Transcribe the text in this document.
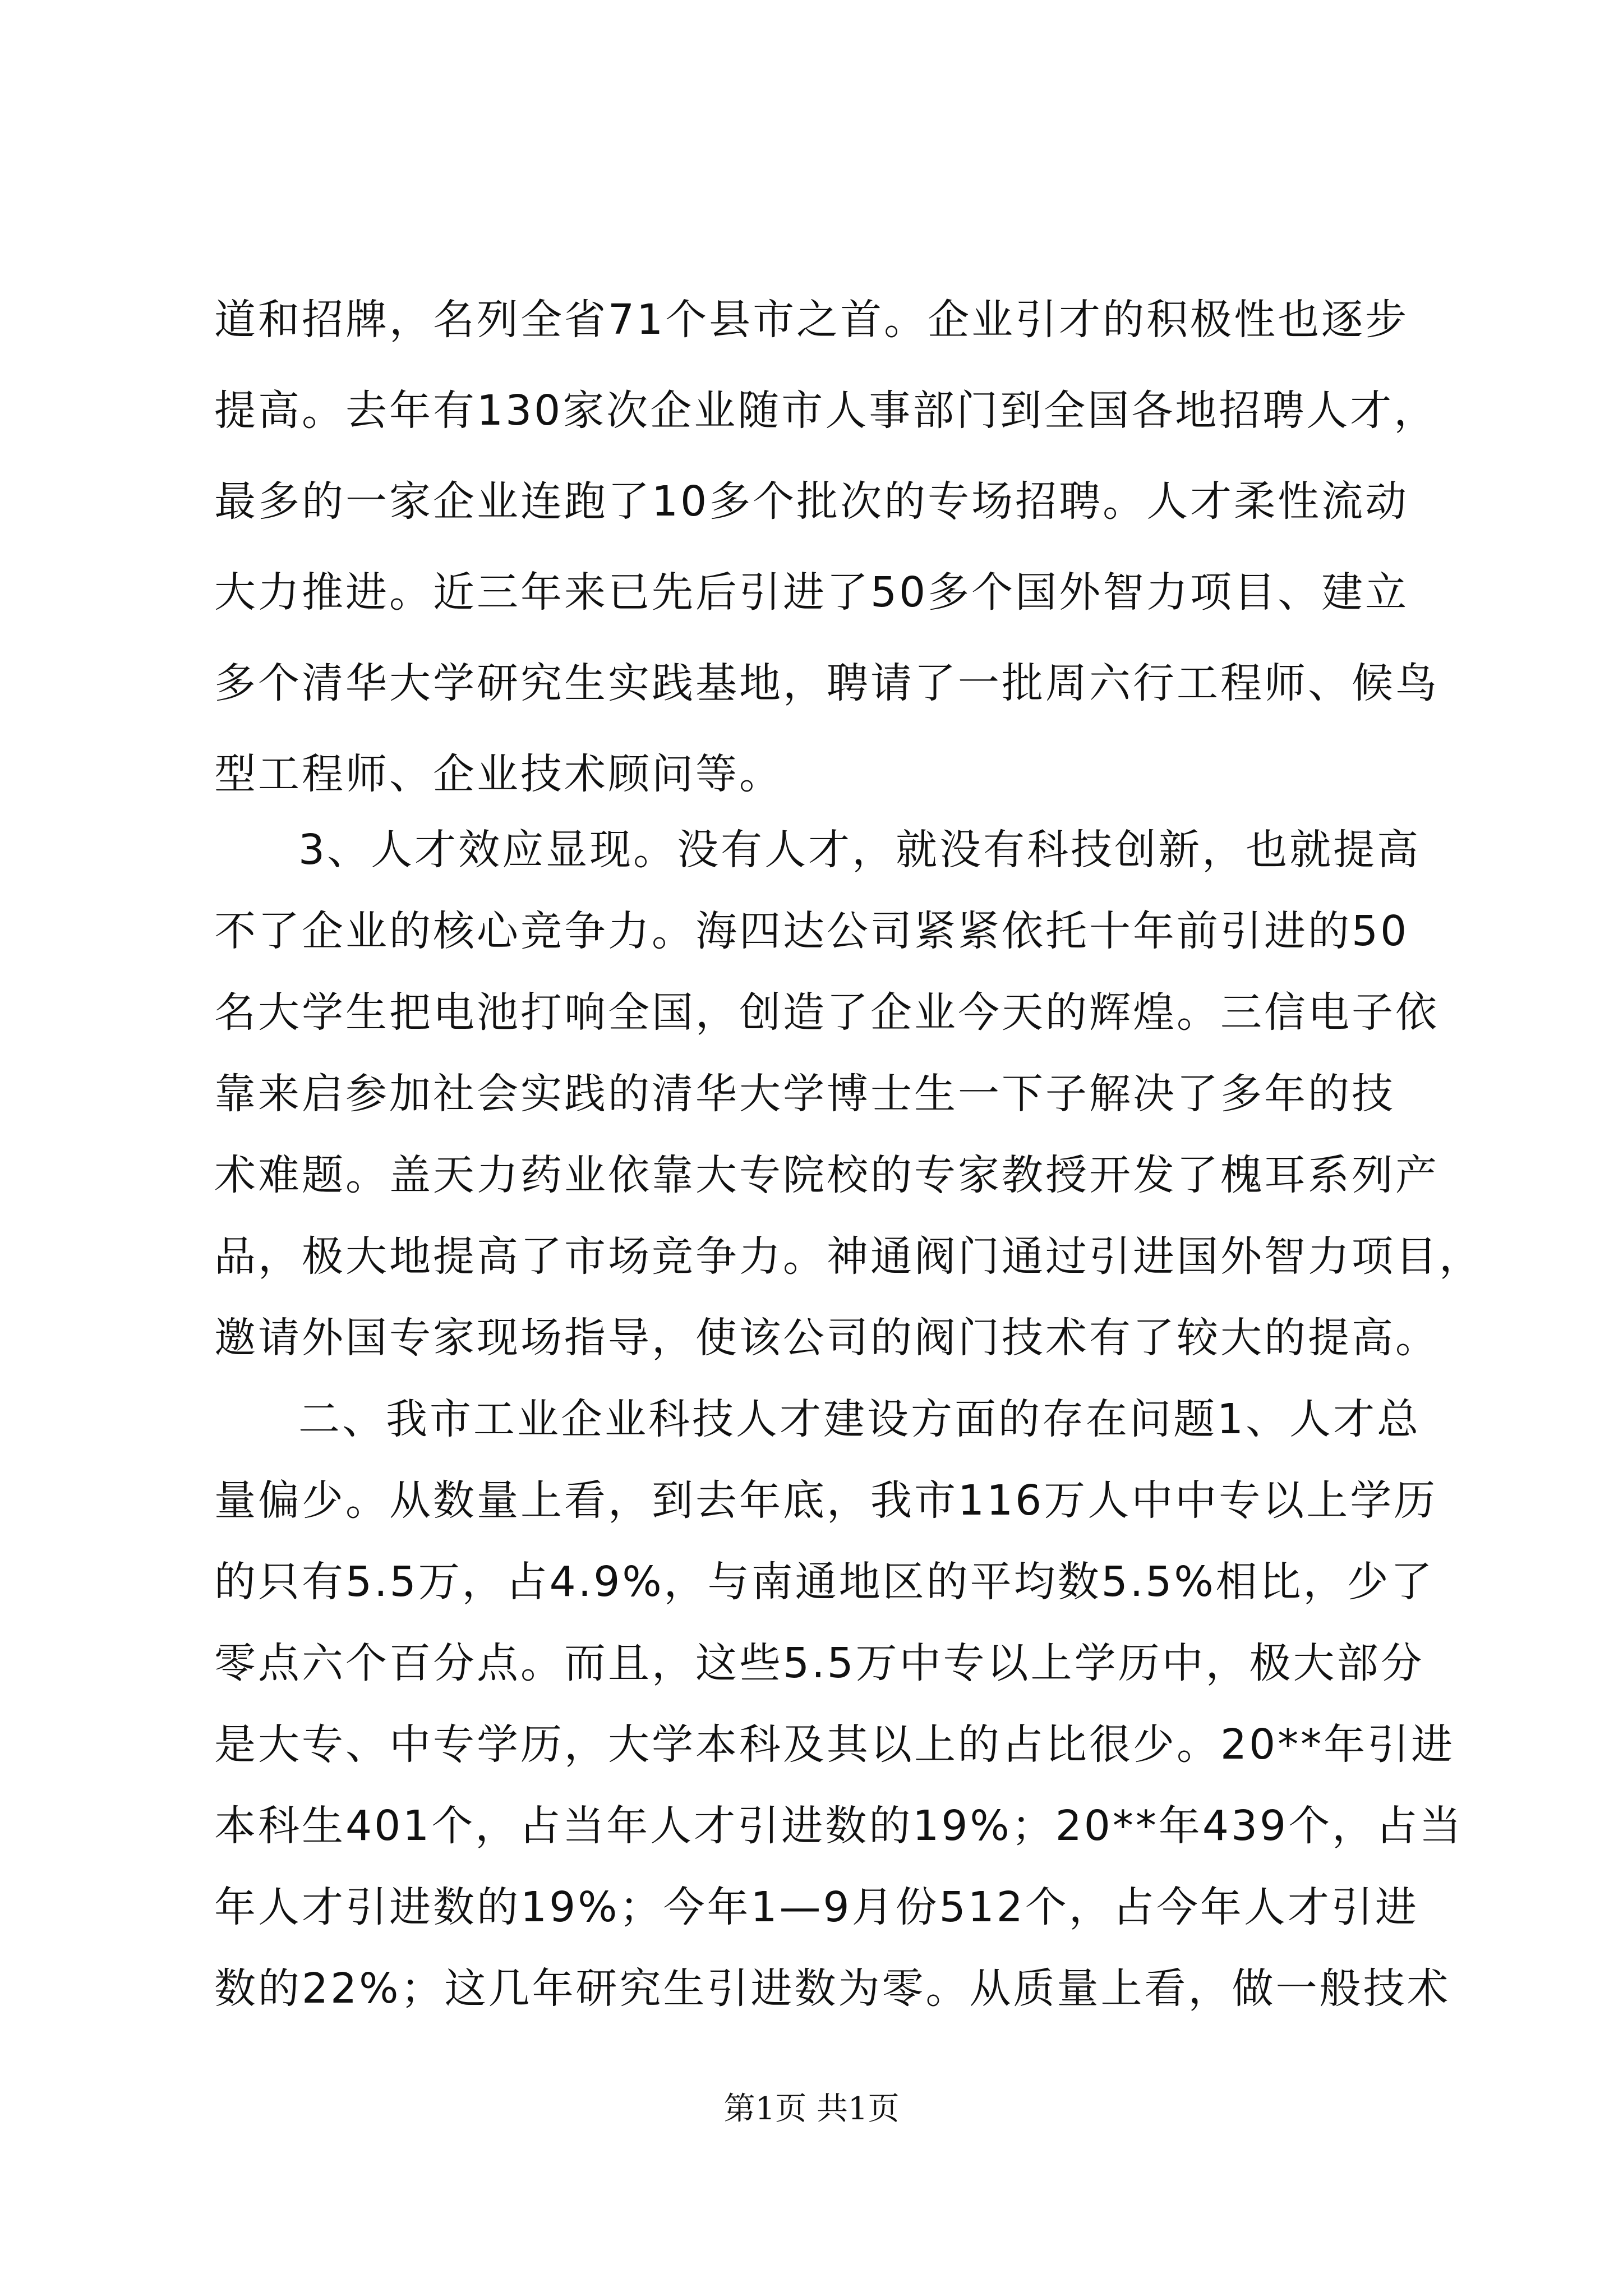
道和招牌，名列全省71个县市之首。企业引才的积极性也逐步
提高。去年有130家次企业随市人事部门到全国各地招聘人才，
最多的一家企业连跑了10多个批次的专场招聘。人才柔性流动
大力推进。近三年来已先后引进了50多个国外智力项目、建立
多个清华大学研究生实践基地，聘请了一批周六行工程师、候鸟
型工程师、企业技术顾问等。
3、人才效应显现。没有人才，就没有科技创新，也就提高
不了企业的核心竞争力。海四达公司紧紧依托十年前引进的50
名大学生把电池打响全国，创造了企业今天的辉煌。三信电子依
靠来启参加社会实践的清华大学博士生一下子解决了多年的技
术难题。盖天力药业依靠大专院校的专家教授开发了槐耳系列产
品，极大地提高了市场竞争力。神通阀门通过引进国外智力项目，
邀请外国专家现场指导，使该公司的阀门技术有了较大的提高。
二、我市工业企业科技人才建设方面的存在问题1、人才总
量偏少。从数量上看，到去年底，我市116万人中中专以上学历
的只有5.5万，占4.9%，与南通地区的平均数5.5%相比，少了
零点六个百分点。而且，这些5.5万中专以上学历中，极大部分
是大专、中专学历，大学本科及其以上的占比很少。20**年引进
本科生401个，占当年人才引进数的19%；20**年439个，占当
年人才引进数的19%；今年1—9月份512个，占今年人才引进
数的22%；这几年研究生引进数为零。从质量上看，做一般技术
第1页 共1页
